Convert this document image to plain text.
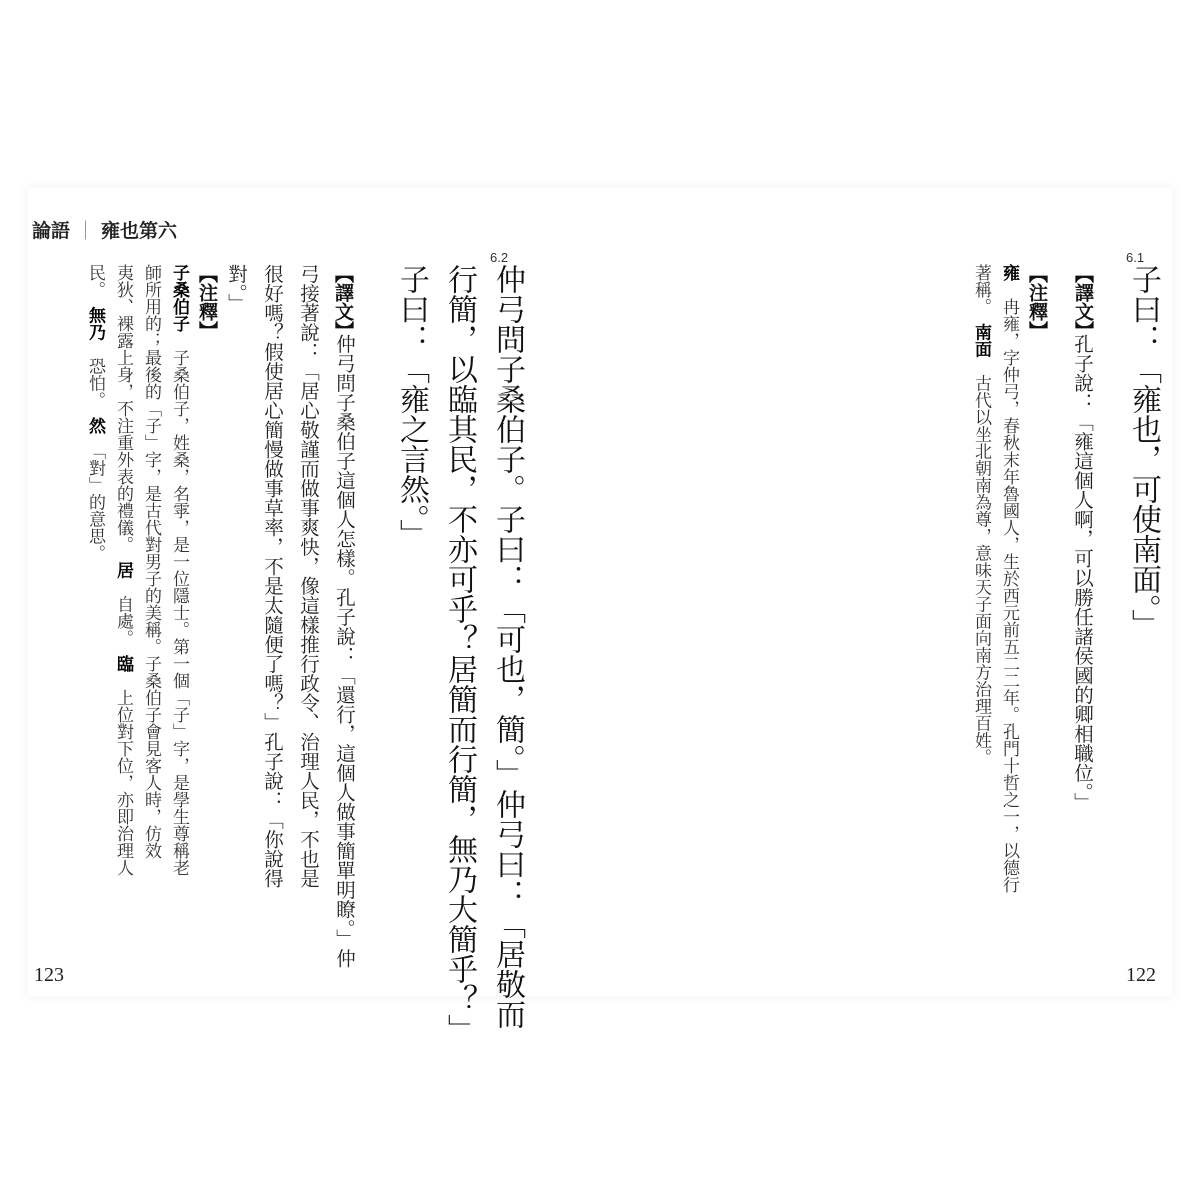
論語 ｜ 雍也第六
6.2
仲弓問子桑伯子。子曰：「可也，簡。」仲弓曰：「居敬而
行簡，以臨其民，不亦可乎？居簡而行簡，無乃大簡乎？」
子曰：「雍之言然。」
【譯文】
仲弓問子桑伯子這個人怎樣。孔子說：「還行，這個人做事簡單明瞭。」仲
弓接著說：「居心敬謹而做事爽快，像這樣推行政令、治理人民，不也是
很好嗎？假使居心簡慢做事草率，不是太隨便了嗎？」孔子說：「你說得
對。」
【注釋】
子桑伯子　子桑伯子，姓桑，名雽，是一位隱士。第一個「子」字，是學生尊稱老
師所用的；最後的「子」字，是古代對男子的美稱。子桑伯子會見客人時，仿效
夷狄、裸露上身，不注重外表的禮儀。　居　自處。　臨　上位對下位，亦即治理人
民。　無乃　恐怕。　然　「對」的意思。
123
6.1
子曰：「雍也，可使南面。」
【譯文】
孔子說：「雍這個人啊，可以勝任諸侯國的卿相職位。」
【注釋】
雍　冉雍，字仲弓，春秋末年魯國人，生於西元前五二二年。孔門十哲之一，以德行
著稱。　南面　古代以坐北朝南為尊，意味天子面向南方治理百姓。
122
